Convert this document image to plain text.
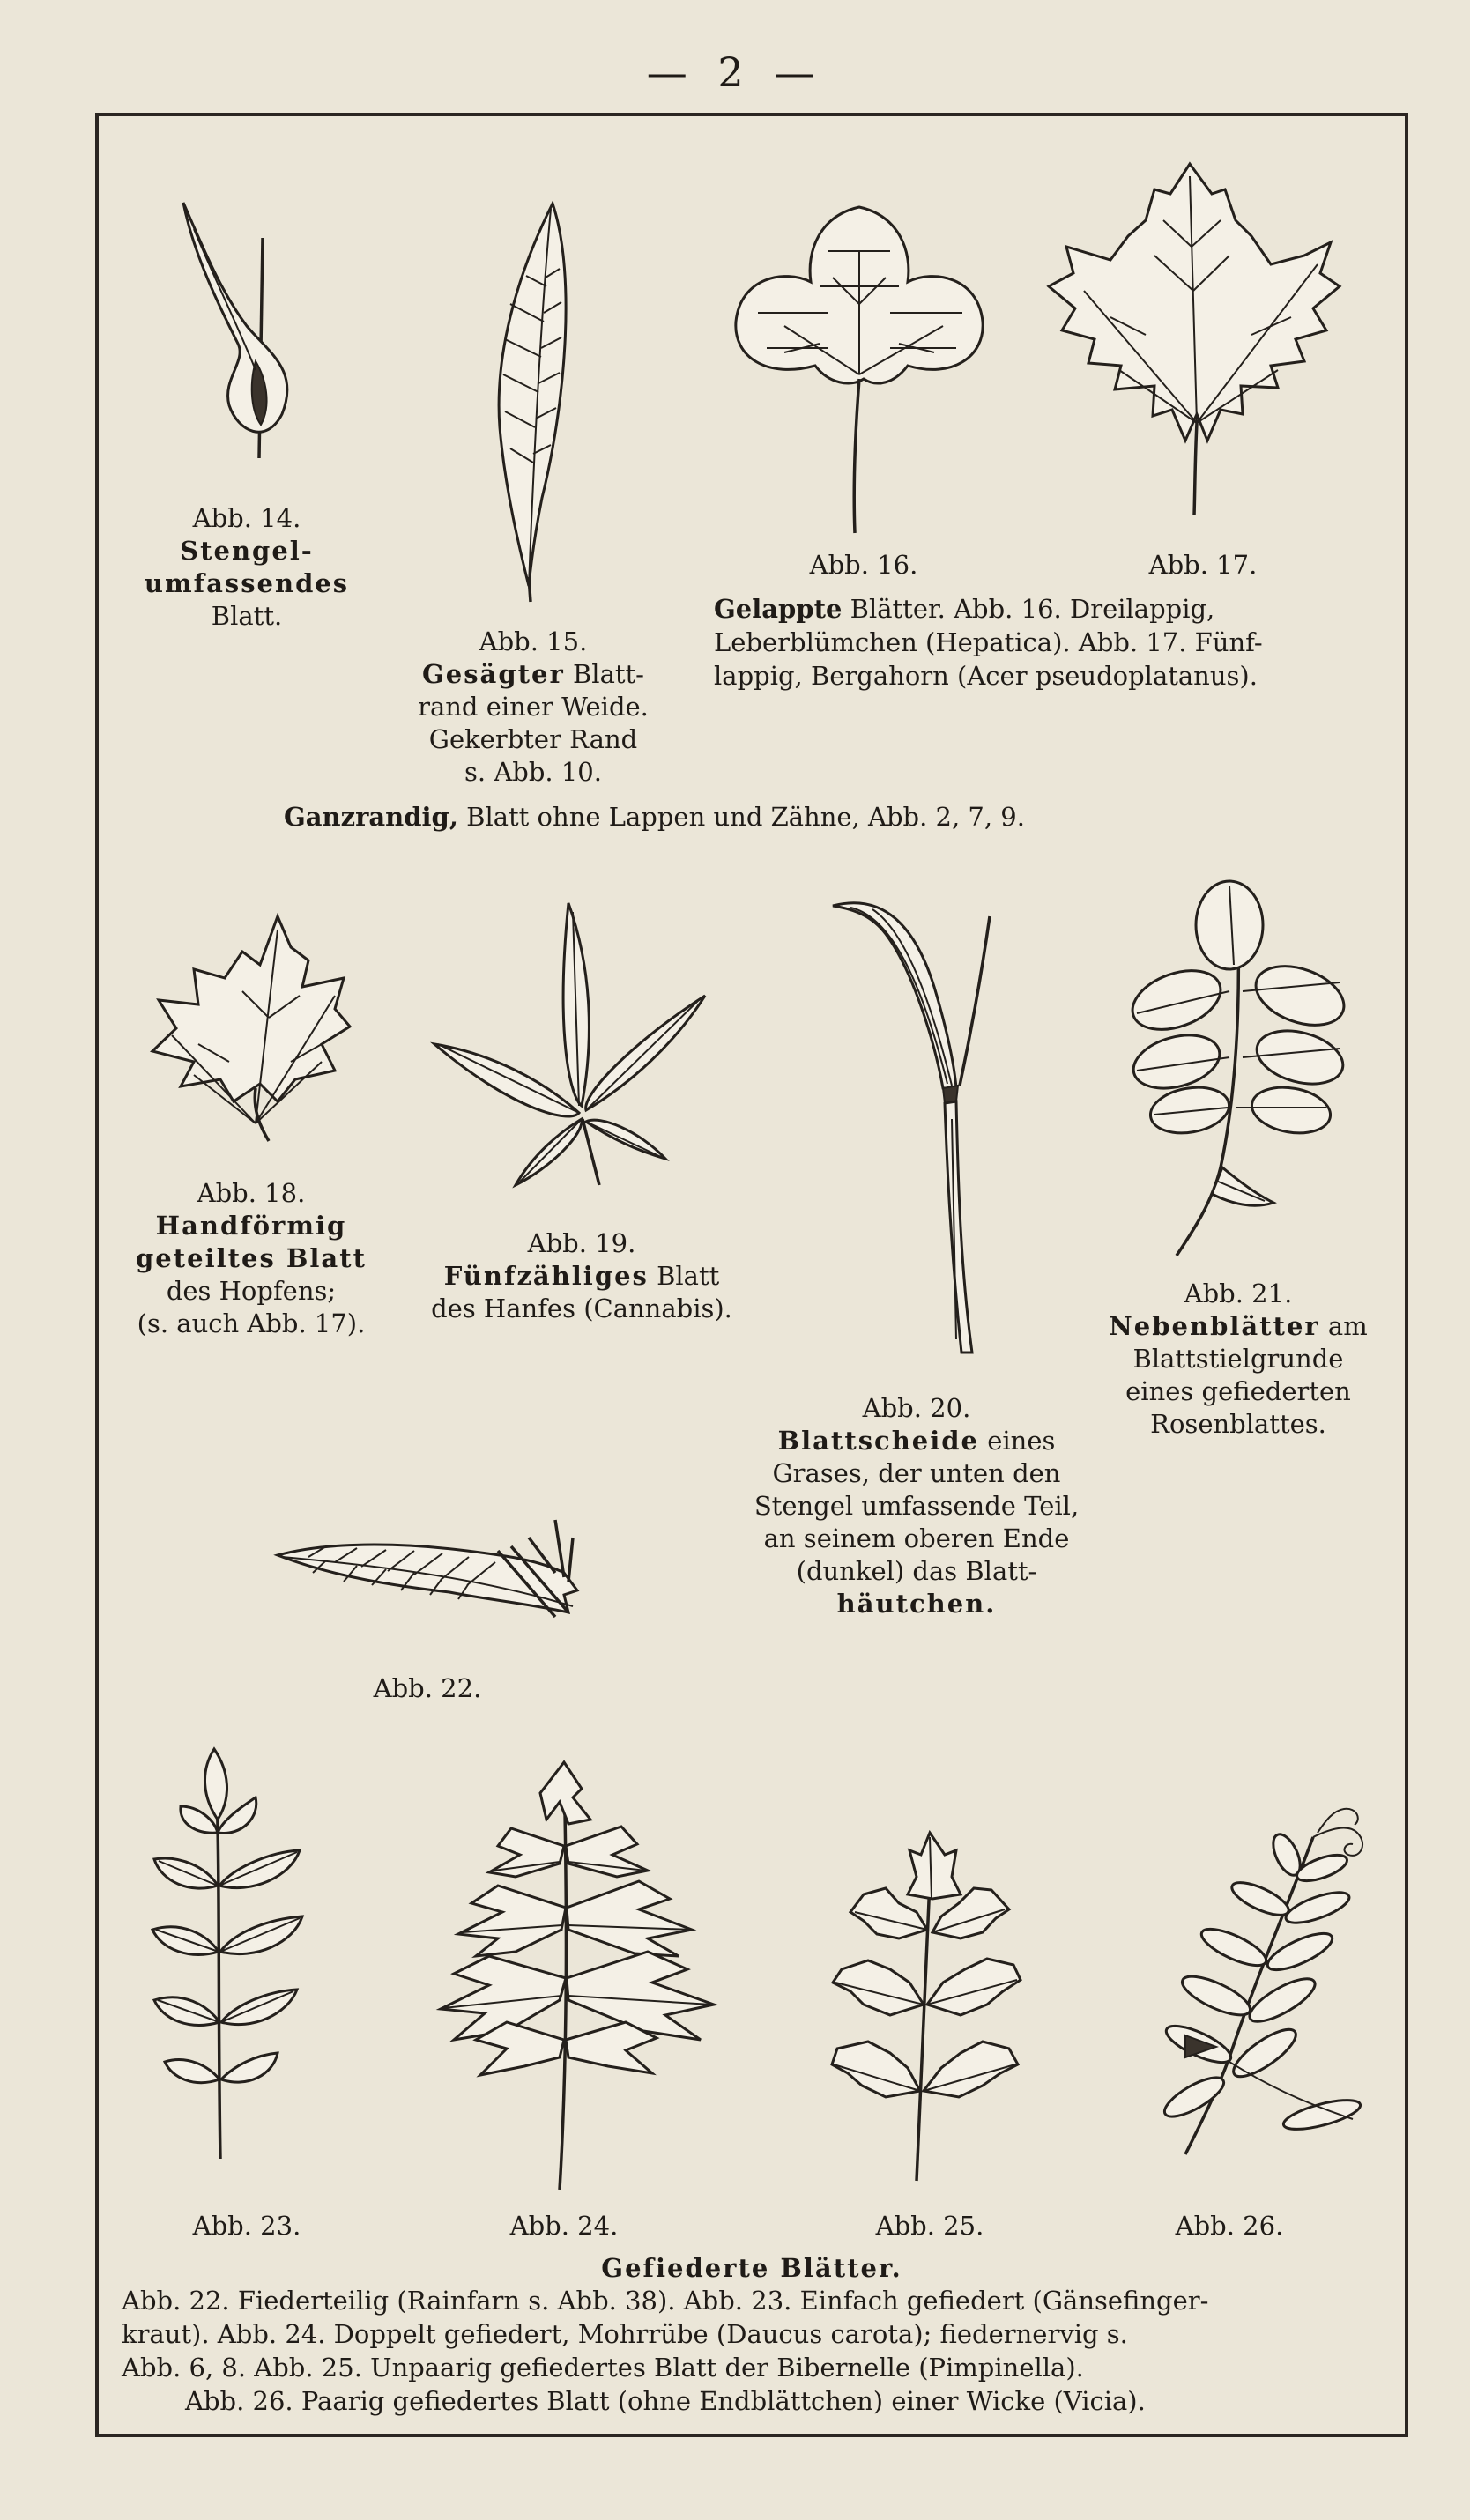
— 2 —
Abb. 14.
Stengel-
umfassendes
Blatt.
Abb. 15.
Gesägter Blatt-
rand einer Weide.
Gekerbter Rand
s. Abb. 10.
Abb. 16.	Abb. 17.
Gelappte Blätter. Abb. 16. Dreilappig,
Leberblümchen (Hepatica). Abb. 17. Fünf-
lappig, Bergahorn (Acer pseudoplatanus).
Ganzrandig, Blatt ohne Lappen und Zähne, Abb. 2, 7, 9.
Abb. 18.
Handförmig
geteiltes Blatt
des Hopfens;
(s. auch Abb. 17).
Abb. 19.
Fünfzähliges Blatt
des Hanfes (Cannabis).
Abb. 20.
Blattscheide eines
Grases, der unten den
Stengel umfassende Teil,
an seinem oberen Ende
(dunkel) das Blatt-
häutchen.
Abb. 21.
Nebenblätter am
Blattstielgrunde
eines gefiederten
Rosenblattes.
Abb. 22.
Abb. 23.	Abb. 24.	Abb. 25.	Abb. 26.
Gefiederte Blätter.
Abb. 22. Fiederteilig (Rainfarn s. Abb. 38). Abb. 23. Einfach gefiedert (Gänsefinger-
kraut). Abb. 24. Doppelt gefiedert, Mohrrübe (Daucus carota); fiedernervig s.
Abb. 6, 8. Abb. 25. Unpaarig gefiedertes Blatt der Bibernelle (Pimpinella).
Abb. 26. Paarig gefiedertes Blatt (ohne Endblättchen) einer Wicke (Vicia).
